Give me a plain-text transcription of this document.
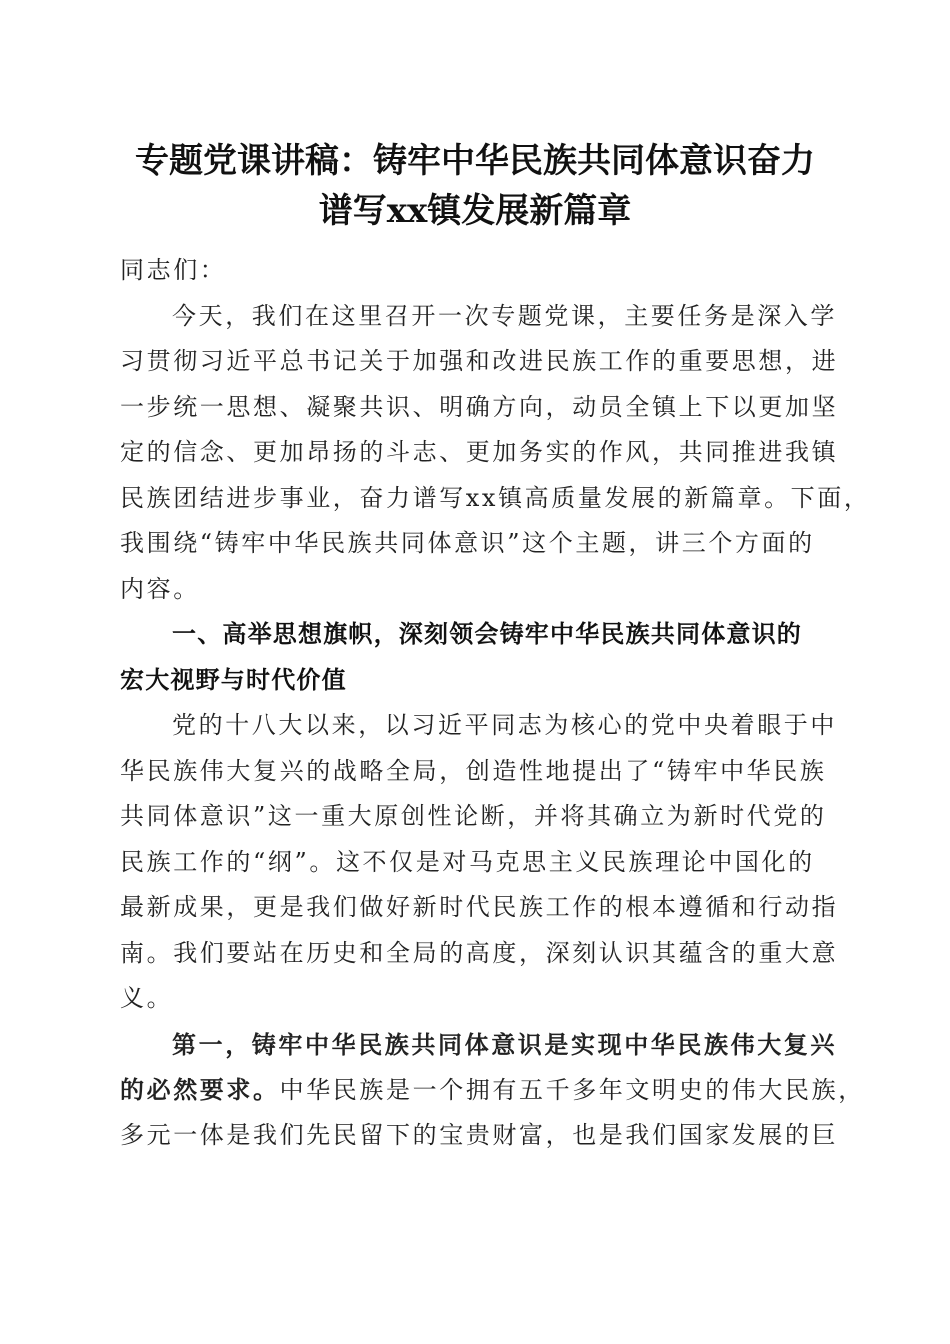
专题党课讲稿：铸牢中华民族共同体意识奋力
谱写xx镇发展新篇章
同志们：

今天，我们在这里召开一次专题党课，主要任务是深入学
习贯彻习近平总书记关于加强和改进民族工作的重要思想，进
一步统一思想、凝聚共识、明确方向，动员全镇上下以更加坚
定的信念、更加昂扬的斗志、更加务实的作风，共同推进我镇
民族团结进步事业，奋力谱写xx镇高质量发展的新篇章。下面，
我围绕“铸牢中华民族共同体意识”这个主题，讲三个方面的
内容。

一、高举思想旗帜，深刻领会铸牢中华民族共同体意识的
宏大视野与时代价值

党的十八大以来，以习近平同志为核心的党中央着眼于中
华民族伟大复兴的战略全局，创造性地提出了“铸牢中华民族
共同体意识”这一重大原创性论断，并将其确立为新时代党的
民族工作的“纲”。这不仅是对马克思主义民族理论中国化的
最新成果，更是我们做好新时代民族工作的根本遵循和行动指
南。我们要站在历史和全局的高度，深刻认识其蕴含的重大意
义。

第一，铸牢中华民族共同体意识是实现中华民族伟大复兴
的必然要求。中华民族是一个拥有五千多年文明史的伟大民族，
多元一体是我们先民留下的宝贵财富，也是我们国家发展的巨
